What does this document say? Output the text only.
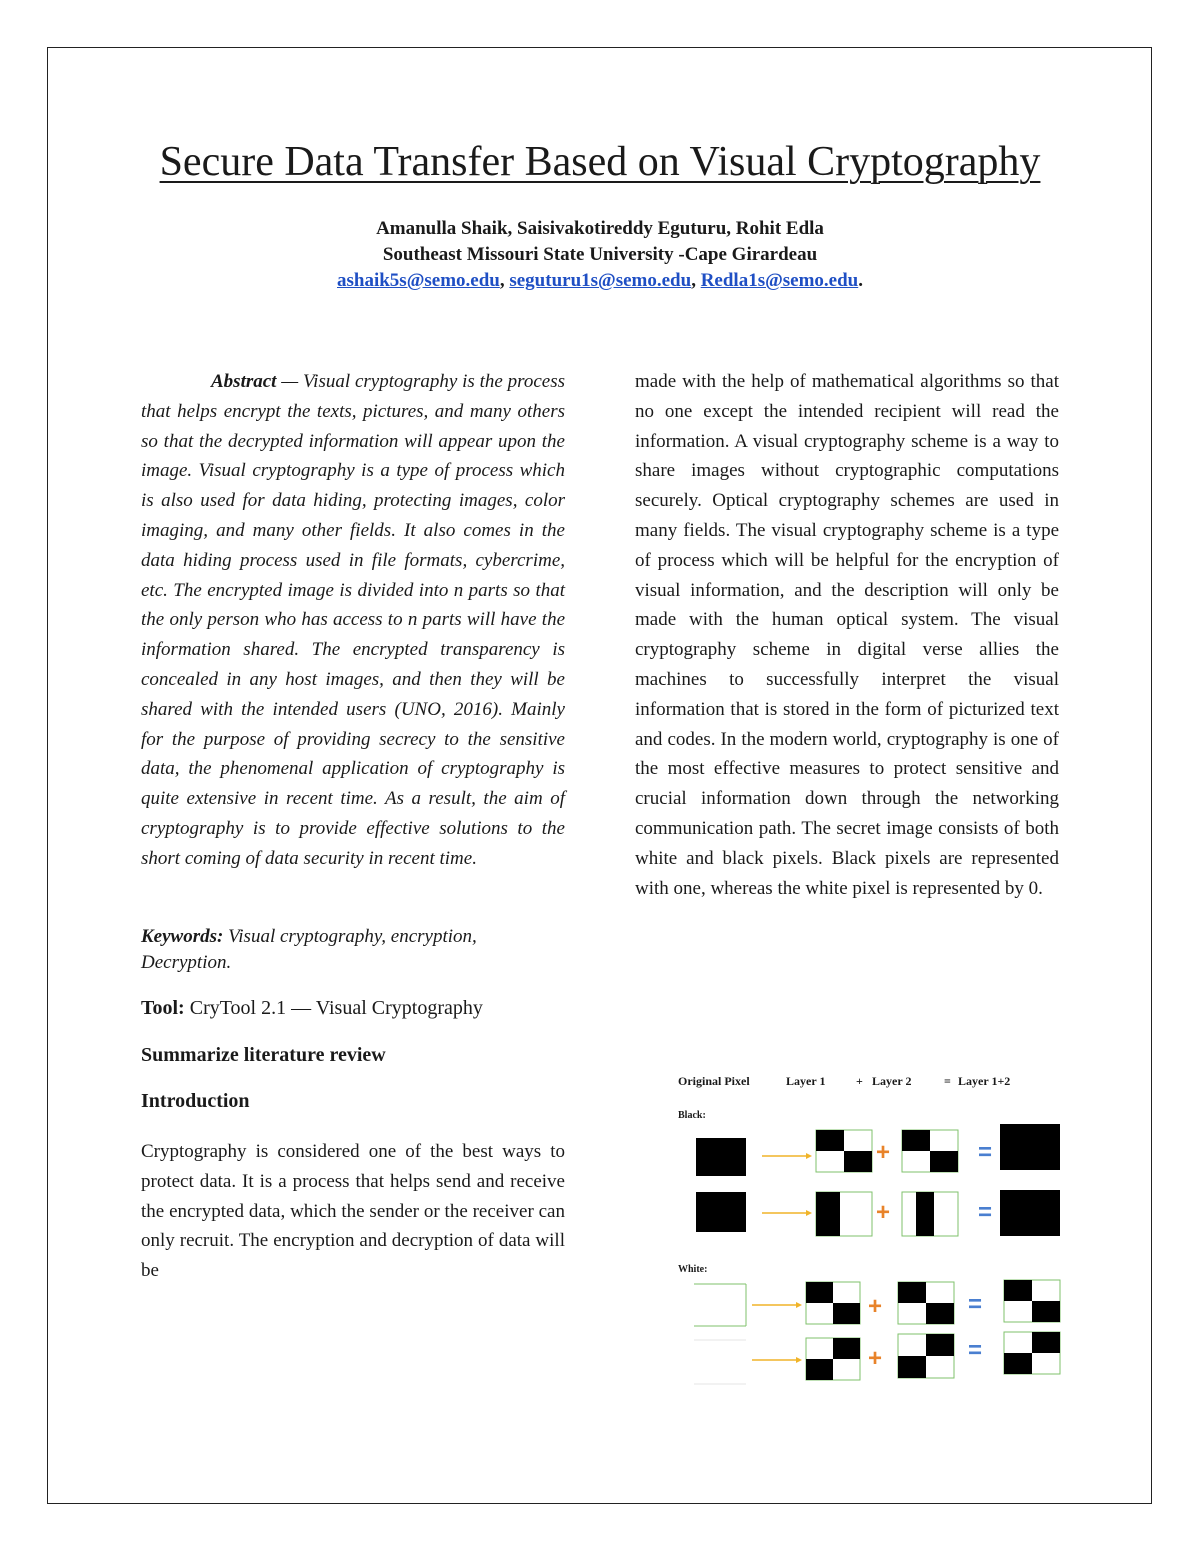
Secure Data Transfer Based on Visual Cryptography
Amanulla Shaik, Saisivakotireddy Eguturu, Rohit Edla
Southeast Missouri State University -Cape Girardeau
ashaik5s@semo.edu, seguturu1s@semo.edu, Redla1s@semo.edu.

Abstract — Visual cryptography is the process that helps encrypt the texts, pictures, and many others so that the decrypted information will appear upon the image. Visual cryptography is a type of process which is also used for data hiding, protecting images, color imaging, and many other fields. It also comes in the data hiding process used in file formats, cybercrime, etc. The encrypted image is divided into n parts so that the only person who has access to n parts will have the information shared. The encrypted transparency is concealed in any host images, and then they will be shared with the intended users (UNO, 2016). Mainly for the purpose of providing secrecy to the sensitive data, the phenomenal application of cryptography is quite extensive in recent time. As a result, the aim of cryptography is to provide effective solutions to the short coming of data security in recent time.

Keywords: Visual cryptography, encryption, Decryption.

Tool: CryTool 2.1 — Visual Cryptography

Summarize literature review

Introduction

Cryptography is considered one of the best ways to protect data. It is a process that helps send and receive the encrypted data, which the sender or the receiver can only recruit. The encryption and decryption of data will be

made with the help of mathematical algorithms so that no one except the intended recipient will read the information. A visual cryptography scheme is a way to share images without cryptographic computations securely. Optical cryptography schemes are used in many fields. The visual cryptography scheme is a type of process which will be helpful for the encryption of visual information, and the description will only be made with the human optical system. The visual cryptography scheme in digital verse allies the machines to successfully interpret the visual information that is stored in the form of picturized text and codes. In the modern world, cryptography is one of the most effective measures to protect sensitive and crucial information down through the networking communication path. The secret image consists of both white and black pixels. Black pixels are represented with one, whereas the white pixel is represented by 0.

Original Pixel	Layer 1	+ Layer 2	= Layer 1+2
Black:
White:
+	=
+	=
+	=
+	=
